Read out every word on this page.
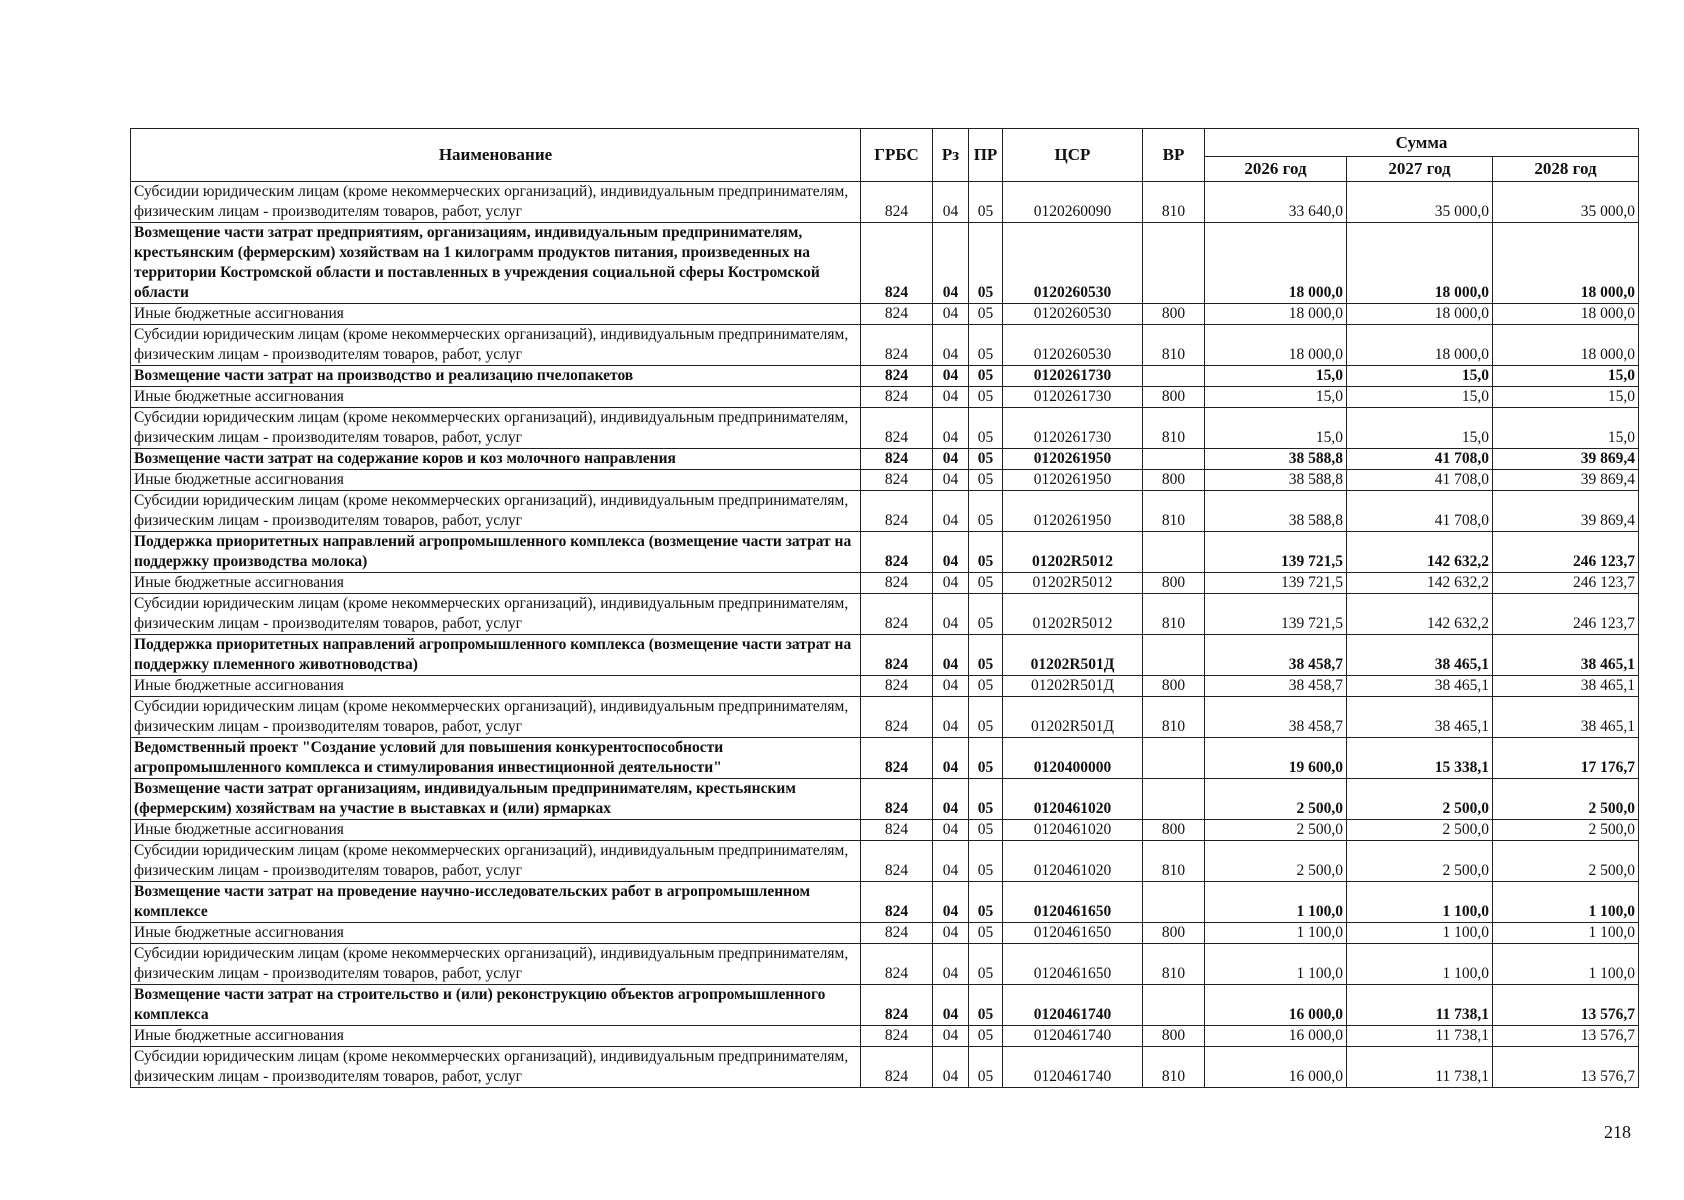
Наименование	ГРБС	Рз	ПР	ЦСР	ВР	Сумма		
						2026 год	2027 год	2028 год
Субсидии юридическим лицам (кроме некоммерческих организаций), индивидуальным предпринимателям, физическим лицам - производителям товаров, работ, услуг	824	04	05	0120260090	810	33 640,0	35 000,0	35 000,0
Возмещение части затрат предприятиям, организациям, индивидуальным предпринимателям, крестьянским (фермерским) хозяйствам на 1 килограмм продуктов питания, произведенных на территории Костромской области и поставленных в учреждения социальной сферы Костромской области	824	04	05	0120260530		18 000,0	18 000,0	18 000,0
Иные бюджетные ассигнования	824	04	05	0120260530	800	18 000,0	18 000,0	18 000,0
Субсидии юридическим лицам (кроме некоммерческих организаций), индивидуальным предпринимателям, физическим лицам - производителям товаров, работ, услуг	824	04	05	0120260530	810	18 000,0	18 000,0	18 000,0
Возмещение части затрат на производство и реализацию пчелопакетов	824	04	05	0120261730		15,0	15,0	15,0
Иные бюджетные ассигнования	824	04	05	0120261730	800	15,0	15,0	15,0
Субсидии юридическим лицам (кроме некоммерческих организаций), индивидуальным предпринимателям, физическим лицам - производителям товаров, работ, услуг	824	04	05	0120261730	810	15,0	15,0	15,0
Возмещение части затрат на содержание коров и коз молочного направления	824	04	05	0120261950		38 588,8	41 708,0	39 869,4
Иные бюджетные ассигнования	824	04	05	0120261950	800	38 588,8	41 708,0	39 869,4
Субсидии юридическим лицам (кроме некоммерческих организаций), индивидуальным предпринимателям, физическим лицам - производителям товаров, работ, услуг	824	04	05	0120261950	810	38 588,8	41 708,0	39 869,4
Поддержка приоритетных направлений агропромышленного комплекса (возмещение части затрат на поддержку производства молока)	824	04	05	01202R5012		139 721,5	142 632,2	246 123,7
Иные бюджетные ассигнования	824	04	05	01202R5012	800	139 721,5	142 632,2	246 123,7
Субсидии юридическим лицам (кроме некоммерческих организаций), индивидуальным предпринимателям, физическим лицам - производителям товаров, работ, услуг	824	04	05	01202R5012	810	139 721,5	142 632,2	246 123,7
Поддержка приоритетных направлений агропромышленного комплекса (возмещение части затрат на поддержку племенного животноводства)	824	04	05	01202R501Д		38 458,7	38 465,1	38 465,1
Иные бюджетные ассигнования	824	04	05	01202R501Д	800	38 458,7	38 465,1	38 465,1
Субсидии юридическим лицам (кроме некоммерческих организаций), индивидуальным предпринимателям, физическим лицам - производителям товаров, работ, услуг	824	04	05	01202R501Д	810	38 458,7	38 465,1	38 465,1
Ведомственный проект "Создание условий для повышения конкурентоспособности агропромышленного комплекса и стимулирования инвестиционной деятельности"	824	04	05	0120400000		19 600,0	15 338,1	17 176,7
Возмещение части затрат организациям, индивидуальным предпринимателям, крестьянским (фермерским) хозяйствам на участие в выставках и (или) ярмарках	824	04	05	0120461020		2 500,0	2 500,0	2 500,0
Иные бюджетные ассигнования	824	04	05	0120461020	800	2 500,0	2 500,0	2 500,0
Субсидии юридическим лицам (кроме некоммерческих организаций), индивидуальным предпринимателям, физическим лицам - производителям товаров, работ, услуг	824	04	05	0120461020	810	2 500,0	2 500,0	2 500,0
Возмещение части затрат на проведение научно-исследовательских работ в агропромышленном комплексе	824	04	05	0120461650		1 100,0	1 100,0	1 100,0
Иные бюджетные ассигнования	824	04	05	0120461650	800	1 100,0	1 100,0	1 100,0
Субсидии юридическим лицам (кроме некоммерческих организаций), индивидуальным предпринимателям, физическим лицам - производителям товаров, работ, услуг	824	04	05	0120461650	810	1 100,0	1 100,0	1 100,0
Возмещение части затрат на строительство и (или) реконструкцию объектов агропромышленного комплекса	824	04	05	0120461740		16 000,0	11 738,1	13 576,7
Иные бюджетные ассигнования	824	04	05	0120461740	800	16 000,0	11 738,1	13 576,7
Субсидии юридическим лицам (кроме некоммерческих организаций), индивидуальным предпринимателям, физическим лицам - производителям товаров, работ, услуг	824	04	05	0120461740	810	16 000,0	11 738,1	13 576,7
218
